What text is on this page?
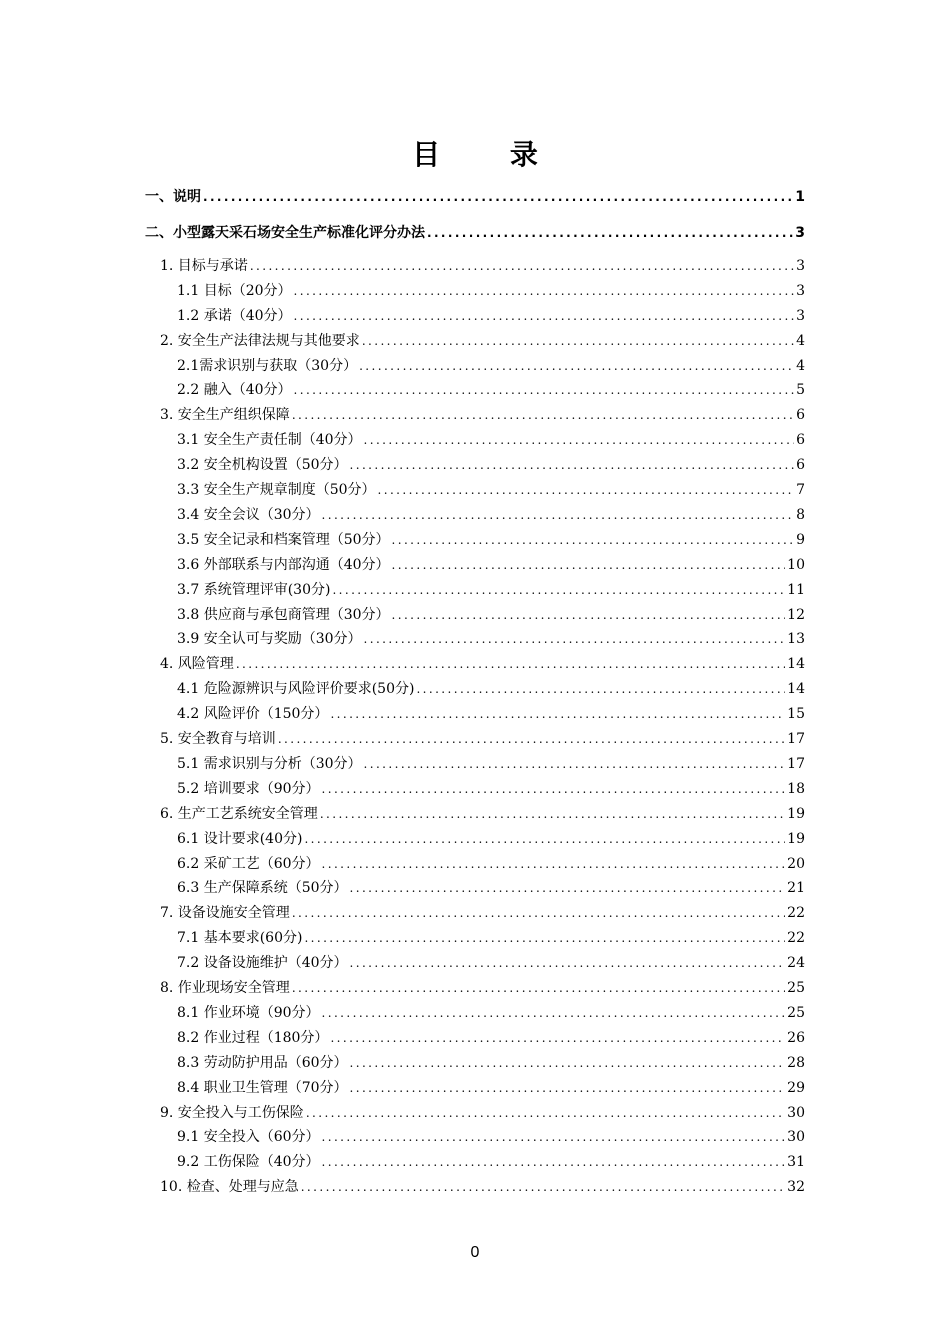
目 录
一、说明 .....	1
二、小型露天采石场安全生产标准化评分办法 .....	3
1. 目标与承诺 .....	3
1.1 目标（20分） .....	3
1.2 承诺（40分） .....	3
2. 安全生产法律法规与其他要求 .....	4
2.1需求识别与获取（30分） .....	4
2.2 融入（40分） .....	5
3. 安全生产组织保障 .....	6
3.1 安全生产责任制（40分） .....	6
3.2 安全机构设置（50分） .....	6
3.3 安全生产规章制度（50分） .....	7
3.4 安全会议（30分） .....	8
3.5 安全记录和档案管理（50分） .....	9
3.6 外部联系与内部沟通（40分） .....	10
3.7 系统管理评审(30分) .....	11
3.8 供应商与承包商管理（30分） .....	12
3.9 安全认可与奖励（30分） .....	13
4. 风险管理 .....	14
4.1 危险源辨识与风险评价要求(50分) .....	14
4.2 风险评价（150分） .....	15
5. 安全教育与培训 .....	17
5.1 需求识别与分析（30分） .....	17
5.2 培训要求（90分） .....	18
6. 生产工艺系统安全管理 .....	19
6.1 设计要求(40分) .....	19
6.2 采矿工艺（60分） .....	20
6.3 生产保障系统（50分） .....	21
7. 设备设施安全管理 .....	22
7.1 基本要求(60分) .....	22
7.2 设备设施维护（40分） .....	24
8. 作业现场安全管理 .....	25
8.1 作业环境（90分） .....	25
8.2 作业过程（180分） .....	26
8.3 劳动防护用品（60分） .....	28
8.4 职业卫生管理（70分） .....	29
9. 安全投入与工伤保险 .....	30
9.1 安全投入（60分） .....	30
9.2 工伤保险（40分） .....	31
10. 检查、处理与应急 .....	32
0
